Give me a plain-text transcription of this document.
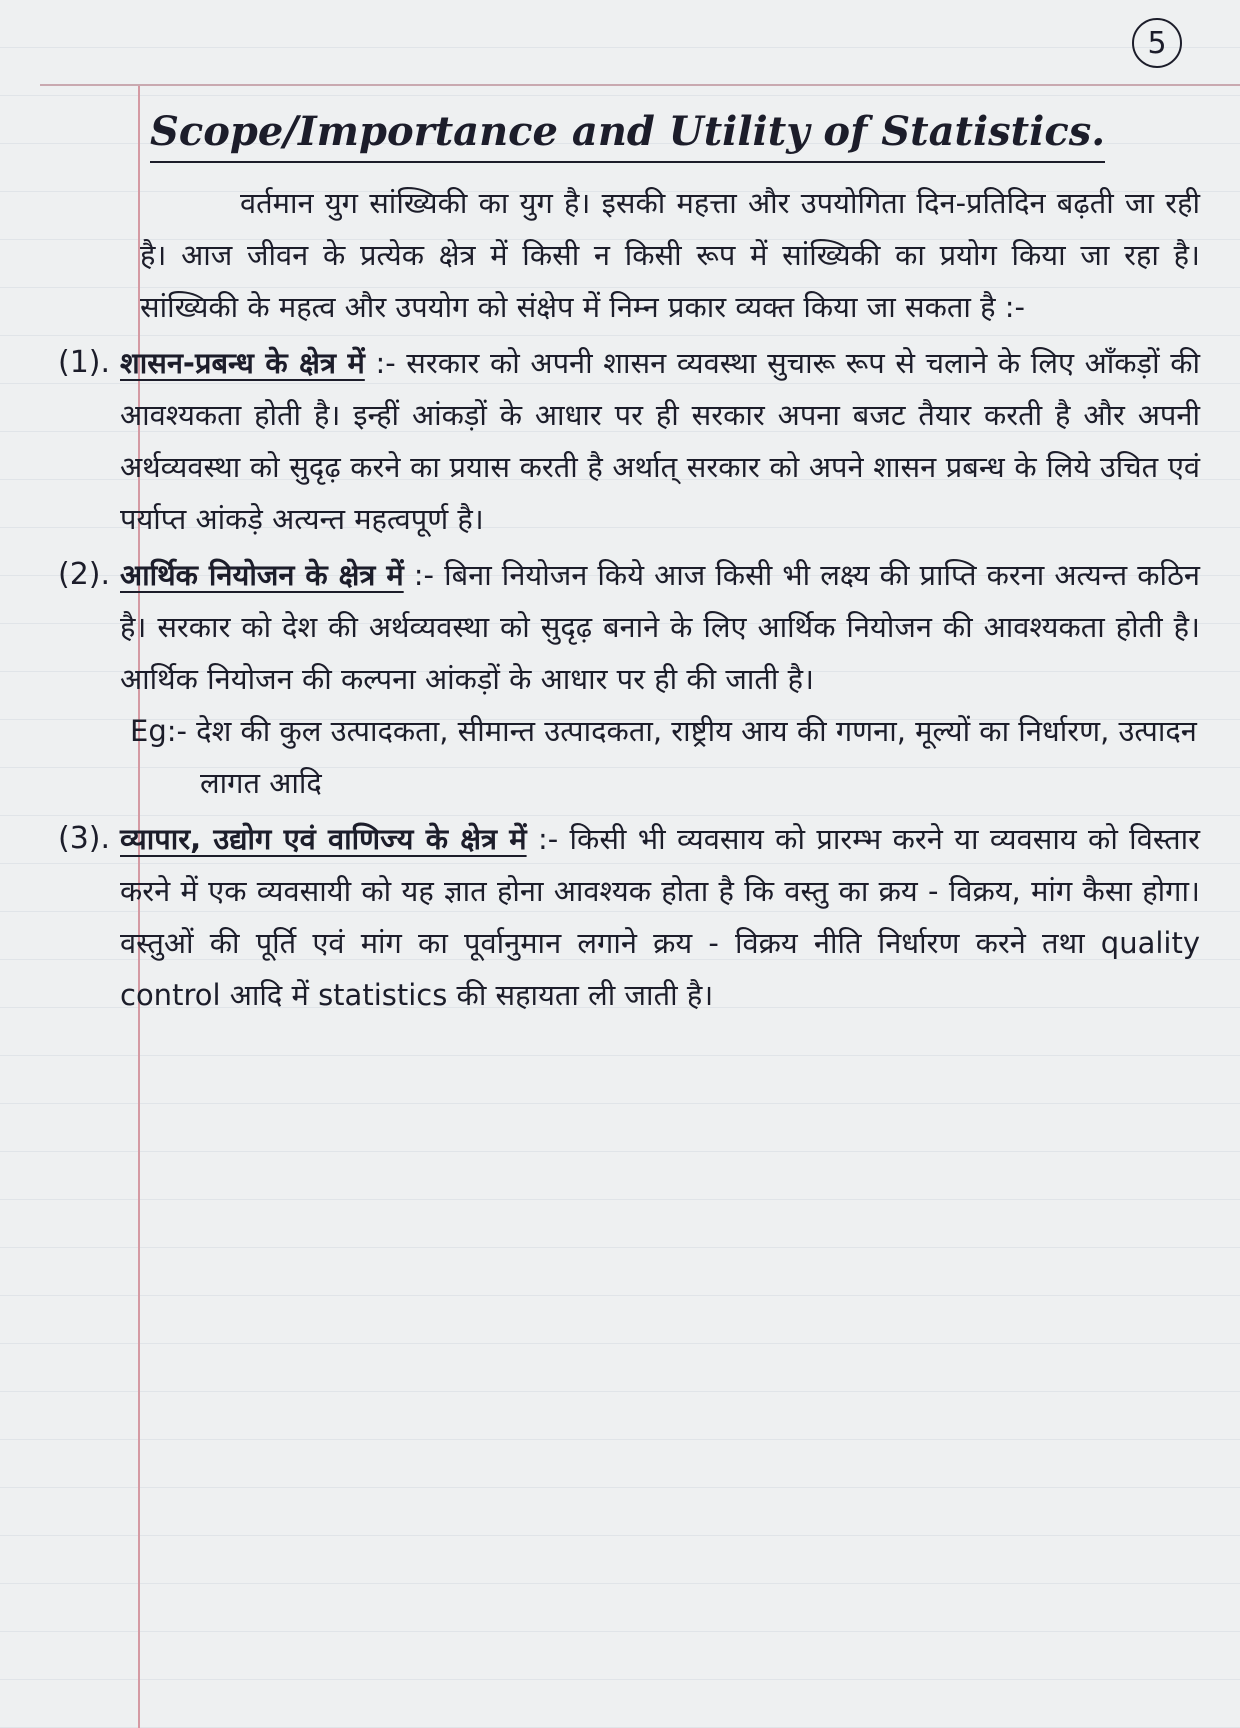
5
Scope/Importance and Utility of Statistics.

वर्तमान युग सांख्यिकी का युग है। इसकी महत्ता और उपयोगिता दिन-प्रतिदिन बढ़ती जा रही है। आज जीवन के प्रत्येक क्षेत्र में किसी न किसी रूप में सांख्यिकी का प्रयोग किया जा रहा है। सांख्यिकी के महत्व और उपयोग को संक्षेप में निम्न प्रकार व्यक्त किया जा सकता है :-

(1). शासन-प्रबन्ध के क्षेत्र में :- सरकार को अपनी शासन व्यवस्था सुचारू रूप से चलाने के लिए आँकड़ों की आवश्यकता होती है। इन्हीं आंकड़ों के आधार पर ही सरकार अपना बजट तैयार करती है और अपनी अर्थव्यवस्था को सुदृढ़ करने का प्रयास करती है अर्थात् सरकार को अपने शासन प्रबन्ध के लिये उचित एवं पर्याप्त आंकड़े अत्यन्त महत्वपूर्ण है।

(2). आर्थिक नियोजन के क्षेत्र में :- बिना नियोजन किये आज किसी भी लक्ष्य की प्राप्ति करना अत्यन्त कठिन है। सरकार को देश की अर्थव्यवस्था को सुदृढ़ बनाने के लिए आर्थिक नियोजन की आवश्यकता होती है। आर्थिक नियोजन की कल्पना आंकड़ों के आधार पर ही की जाती है।

Eg:- देश की कुल उत्पादकता, सीमान्त उत्पादकता, राष्ट्रीय आय की गणना, मूल्यों का निर्धारण, उत्पादन लागत आदि

(3). व्यापार, उद्योग एवं वाणिज्य के क्षेत्र में :- किसी भी व्यवसाय को प्रारम्भ करने या व्यवसाय को विस्तार करने में एक व्यवसायी को यह ज्ञात होना आवश्यक होता है कि वस्तु का क्रय - विक्रय, मांग कैसा होगा। वस्तुओं की पूर्ति एवं मांग का पूर्वानुमान लगाने क्रय - विक्रय नीति निर्धारण करने तथा quality control आदि में statistics की सहायता ली जाती है।
